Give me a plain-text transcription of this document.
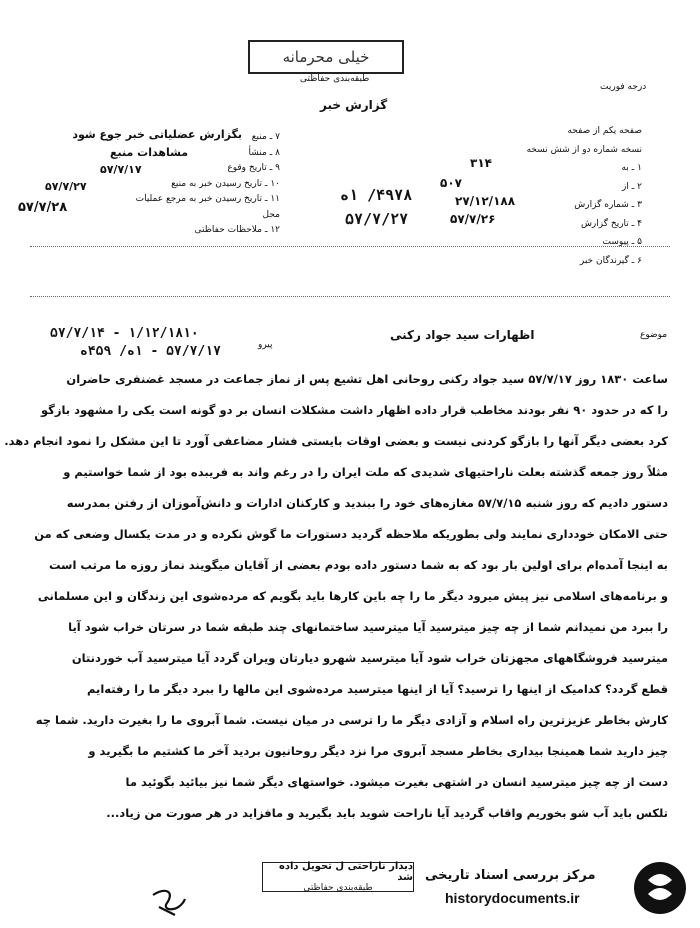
خیلی محرمانه
طبقه‌بندی حفاظتی
درجه فوریت
گزارش خبر
صفحه یکم از صفحه
نسخه شماره دو از شش نسخه
۱ ـ به
۲ ـ از
۳ ـ شماره گزارش
۴ ـ تاریخ گزارش
۵ ـ پیوست
۶ ـ گیرندگان خبر
۳۱۴
۵۰۷
۲۷/۱۲/۱۸۸
۵۷/۷/۲۶
۷ ـ منبع
۸ ـ منشأ
۹ ـ تاریخ وقوع
۱۰ ـ تاریخ رسیدن خبر به منبع
۱۱ ـ تاریخ رسیدن خبر به مرجع عملیات محل
۱۲ ـ ملاحظات حفاظتی
بگزارش عضلیاتی خبر جوع شود
مشاهدات منبع
۵۷/۷/۱۷
۵۷/۷/۲۷
۵۷/۷/۲۸
۴۹۷۸/ ۱ه
۵۷/۷/۲۷
موضوع
اظهارات سید جواد رکنی
پیرو
۵۷/۷/۱۴ - ۱/۱۲/۱۸۱۰
۵۷/۷/۱۷ - ۱ه/ ۴۵۹ه
ساعت ۱۸۳۰ روز ۵۷/۷/۱۷ سید جواد رکنی روحانی اهل تشیع پس از نماز جماعت در مسجد غضنفری حاضران
را که در حدود ۹۰ نفر بودند مخاطب قرار داده اظهار داشت مشکلات انسان بر دو گونه است یکی را مشهود بازگو
کرد بعضی دیگر آنها را بازگو کردنی نیست و بعضی اوقات بایستی فشار مضاعفی آورد تا این مشکل را نمود انجام دهد.
مثلاً روز جمعه گذشته بعلت ناراحتیهای شدیدی که ملت ایران را در رغم واند به فریبده بود از شما خواستیم و
دستور دادیم که روز شنبه ۵۷/۷/۱۵ مغازه‌های خود را ببندید و کارکنان ادارات و دانش‌آموزان از رفتن بمدرسه
حتی الامکان خودداری نمایند ولی بطوریکه ملاحظه گردید دستورات ما گوش نکرده و در مدت یکسال وضعی که من
به اینجا آمده‌ام برای اولین بار بود که به شما دستور داده بودم بعضی از آقایان میگویند نماز روزه ما مرتب است
و برنامه‌های اسلامی نیز پیش میرود دیگر ما را چه باین کارها باید بگویم که مرده‌شوی این زندگان و این مسلمانی
را ببرد من نمیدانم شما از چه چیز میترسید آیا میترسید ساختمانهای چند طبقه شما در سرتان خراب شود آیا
میترسید فروشگاههای مجهزتان خراب شود آیا میترسید شهرو دیارتان ویران گردد آیا میترسید آب خوردنتان
قطع گردد؟ کدامیک از اینها را ترسید؟ آیا از اینها میترسید مرده‌شوی این مالها را ببرد دیگر ما را رفته‌ایم
کارش بخاطر عزیزترین راه اسلام و آزادی دیگر ما را ترسی در میان نیست. شما آبروی ما را بغیرت دارید. شما چه
چیز دارید شما همینجا بیداری بخاطر مسجد آبروی مرا نزد دیگر روحانیون بردید آخر ما کشتیم ما بگیرید و
دست از چه چیز میترسید انسان در اشتهی بغیرت میشود. خواستهای دیگر شما نیز بیائید بگوئید ما
تلکس باید آب شو بخوریم واقاب گردید آیا ناراحت شوید باید بگیرید و مافزاید در هر صورت من زیاد...
دیدار ناراحتی ل تحویل داده شد
طبقه‌بندی حفاظتی
مرکز بررسی اسناد تاریخی
historydocuments.ir
